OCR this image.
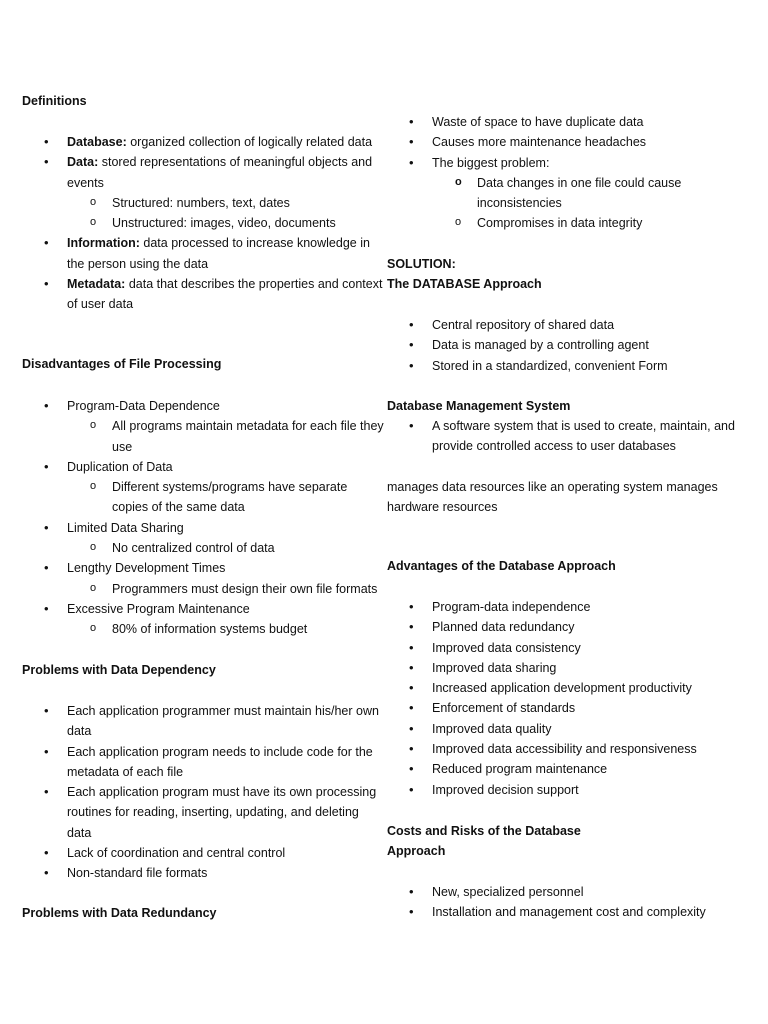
Definitions
• Database: organized collection of logically related data
• Data: stored representations of meaningful objects and events
o Structured: numbers, text, dates
o Unstructured: images, video, documents
• Information: data processed to increase knowledge in the person using the data
• Metadata: data that describes the properties and context of user data
Disadvantages of File Processing
• Program-Data Dependence
o All programs maintain metadata for each file they use
• Duplication of Data
o Different systems/programs have separate copies of the same data
• Limited Data Sharing
o No centralized control of data
• Lengthy Development Times
o Programmers must design their own file formats
• Excessive Program Maintenance
o 80% of information systems budget
Problems with Data Dependency
• Each application programmer must maintain his/her own data
• Each application program needs to include code for the metadata of each file
• Each application program must have its own processing routines for reading, inserting, updating, and deleting data
• Lack of coordination and central control
• Non-standard file formats
Problems with Data Redundancy
• Waste of space to have duplicate data
• Causes more maintenance headaches
• The biggest problem:
o Data changes in one file could cause inconsistencies
o Compromises in data integrity

SOLUTION:

The DATABASE Approach
• Central repository of shared data
• Data is managed by a controlling agent
• Stored in a standardized, convenient Form
Database Management System
• A software system that is used to create, maintain, and provide controlled access to user databases

manages data resources like an operating system manages hardware resources

Advantages of the Database Approach
• Program-data independence
• Planned data redundancy
• Improved data consistency
• Improved data sharing
• Increased application development productivity
• Enforcement of standards
• Improved data quality
• Improved data accessibility and responsiveness
• Reduced program maintenance
• Improved decision support
Costs and Risks of the Database
Approach
• New, specialized personnel
• Installation and management cost and complexity
